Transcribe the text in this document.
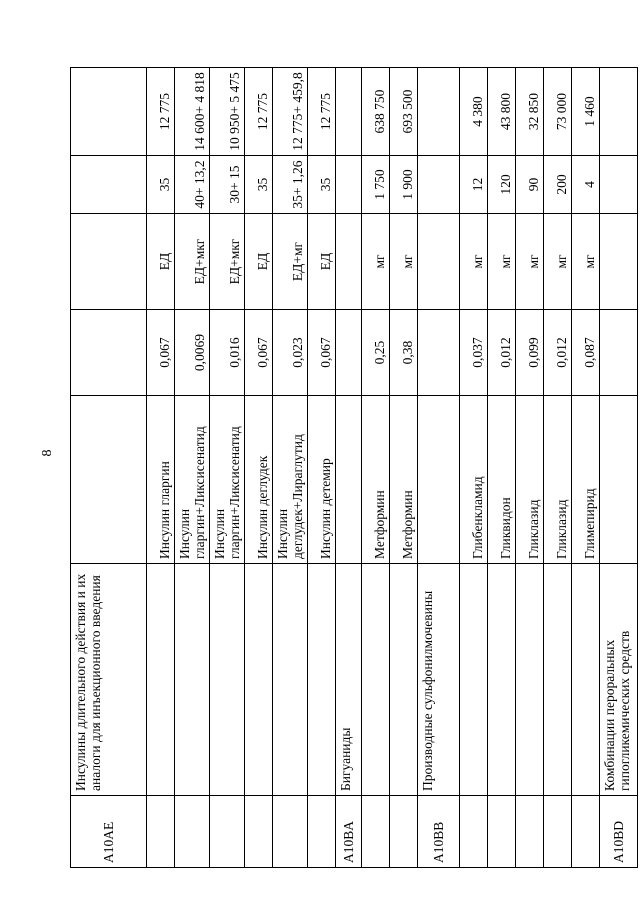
8
A10AE	Инсулины длительного действия и их аналоги для инъекционного введения					
		Инсулин гларгин	0,067	ЕД	35	12 775
		Инсулин гларгин+Ликсисенатид	0,0069	ЕД+мкг	40+ 13,2	14 600+ 4 818
		Инсулин гларгин+Ликсисенатид	0,016	ЕД+мкг	30+ 15	10 950+ 5 475
		Инсулин деглудек	0,067	ЕД	35	12 775
		Инсулин деглудек+Лираглутид	0,023	ЕД+мг	35+ 1,26	12 775+ 459,8
		Инсулин детемир	0,067	ЕД	35	12 775
A10BA	Бигуаниды					
		Метформин	0,25	мг	1 750	638 750
		Метформин	0,38	мг	1 900	693 500
A10BB	Производные сульфонилмочевины					
		Глибенкламид	0,037	мг	12	4 380
		Гликвидон	0,012	мг	120	43 800
		Гликлазид	0,099	мг	90	32 850
		Гликлазид	0,012	мг	200	73 000
		Глимепирид	0,087	мг	4	1 460
A10BD	Комбинации пероральных гипогликемических средств					
